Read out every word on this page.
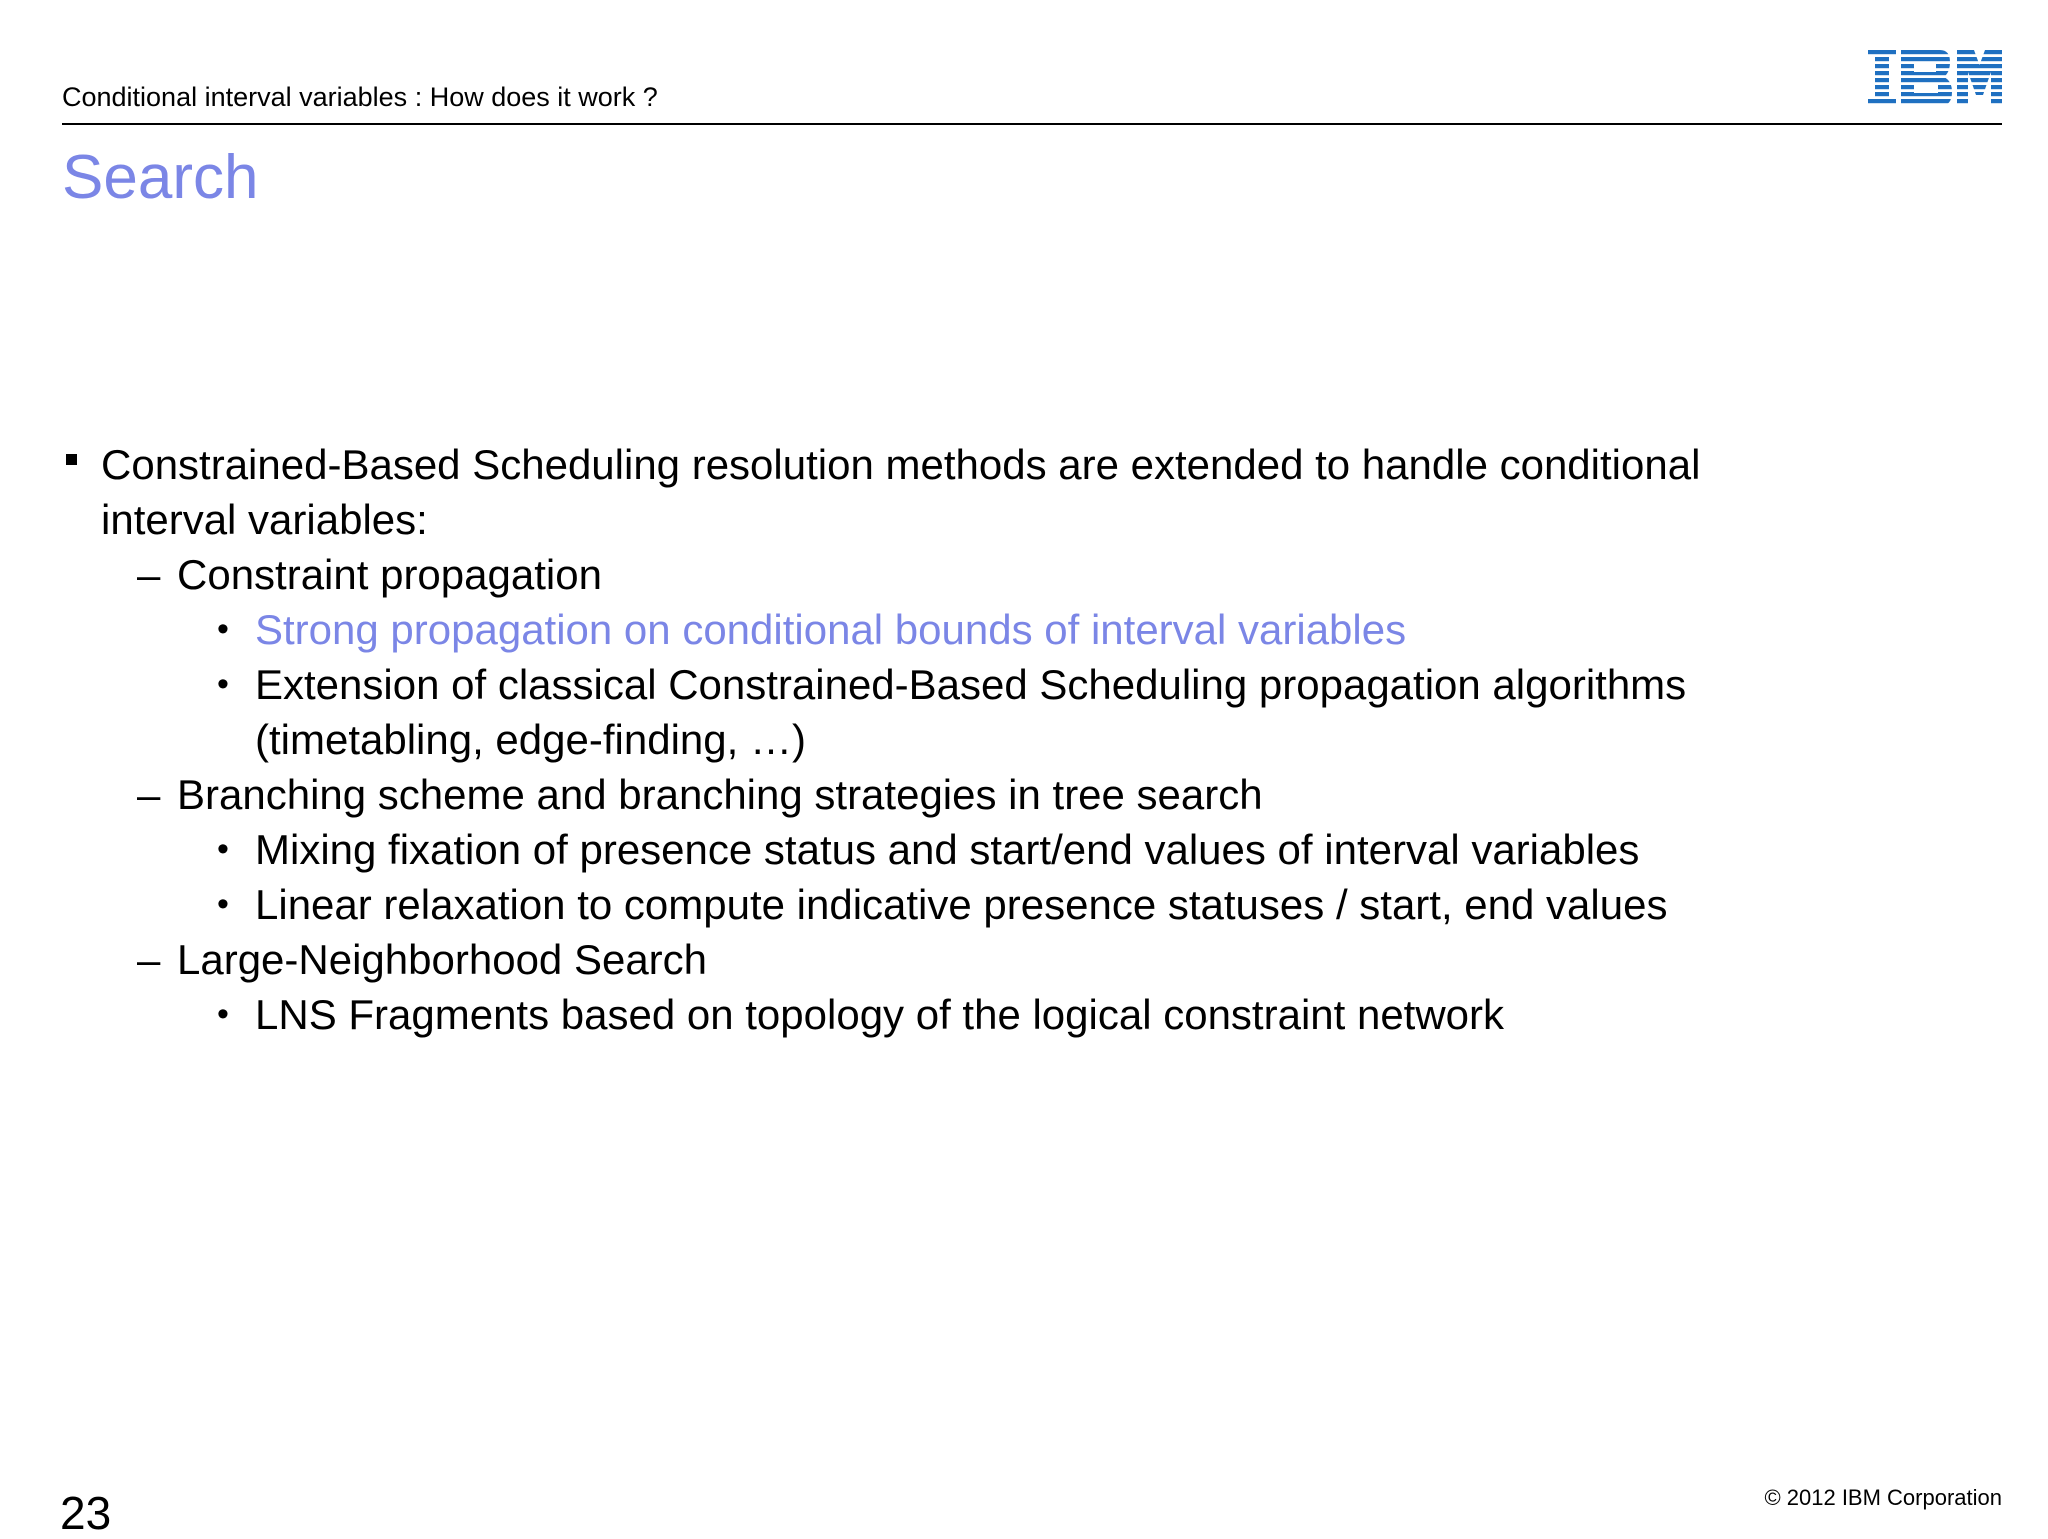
Conditional interval variables : How does it work ?
Search
Constrained-Based Scheduling resolution methods are extended to handle conditional
interval variables:
– Constraint propagation
• Strong propagation on conditional bounds of interval variables
• Extension of classical Constrained-Based Scheduling propagation algorithms
(timetabling, edge-finding, …)
– Branching scheme and branching strategies in tree search
• Mixing fixation of presence status and start/end values of interval variables
• Linear relaxation to compute indicative presence statuses / start, end values
– Large-Neighborhood Search
• LNS Fragments based on topology of the logical constraint network
23	© 2012 IBM Corporation
